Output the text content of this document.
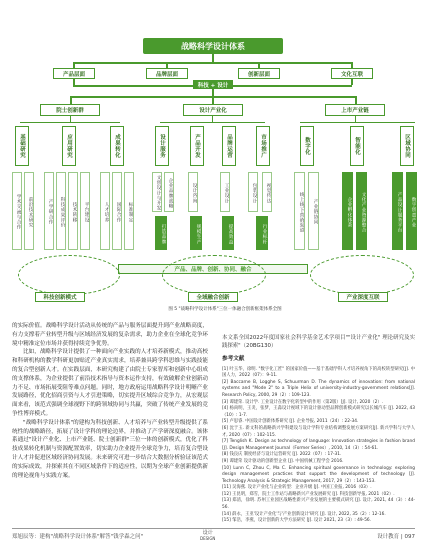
战略科学设计体系
产品层面	品牌层面	创新层面	文化互联
科技 + 设计
院士创新群	设计产业化	上市产业链
基础研究	应用研究	成果转化	设计服务	产品开发	品牌运营	市场推广	数字化	智能化	区域协同
学术交流与合作	前沿技术研究	产学研合作	科技成果评价	技术转移	平台建设	人才培养	国际合作	标准制定
文创设计与开发	企业品牌战略	设计咨询	工业设计	包装设计	视觉传达
打造品牌	规模生产	提高效益	行业标杆
线上线下营销渠道	产业链协同	企业孵化体系	文化产业资源整合	产品设计服务平台	数字创意产业
产品、品牌、创新、协同、融合
科技创新模式	全域融合创新	产业深度互联
图 5 "战略科学设计体系"三位一体融合创新框架体系全图

的实际价值。战略科学设计活动从传统的产品与服务层面提升到产业战略高度，有力支撑着产业转型升级与区域经济发展的复杂需求，助力企业在全球化竞争环境中精准定位市场并获得持续竞争优势。

比如，战略科学设计提供了一种面向产业实践的人才培养新模式，推动高校和科研机构的教学科研更加贴近产业真实需求，培养兼具跨学科思维与实践技能的复合型创新人才。在实践层面，本研究构建了由院士专家智库和创新中心组成的支撑体系，为企业提供了前沿技术指导与资本运作支持，有效破解企业创新动力不足、市场拓展受阻等难点问题。同时，地方政府运用战略科学设计明晰产业发展路径，优化招商引资与人才引进策略，切实提升区域综合竞争力，从宏观层面来看，该范式强调全球视野下的跨领域协同与共赢，突破了传统产业发展的竞争性博弈模式。

"战略科学设计体系"的建构为科技创新、人才培养与产业转型升级提供了系统性的战略路径，拓展了设计学科的理论边界，并推动了产学研深度融合。该体系通过"设计产业化、上市产业链、院士创新群"三位一体的创新模式，优化了科技成果转化机制与资源配置效率，切实助力企业提升全球竞争力，培育复合型设计人才并促进区域经济协同发展。未来研究可进一步结合大数据分析验证该范式的实际成效，并探索其在不同区域条件下的适应性，以期为全球产业创新提供新的理论视角与实践方案。

本文系全国2022年度国家社会科学基金艺术学项目""设计产业化" 理论研究及实践探索"（20BG130）
参考文献
[1] 叶玉华，徐明. "数字化工匠" 的国家价值——基于基础学科人才培养视角下的高校转型研究[J]. 中国人力，2022（07）：9-11.
[2] Baccarne B, Logghe S, Schuurman D. The dynamics of innovation: from national systems and "Mode 2" to a Triple Helix of university-industry-government relations[J]. Research Policy, 2000, 29（2）: 109-123.
[3] 谭建荣. 设计学. 工业设计在数字化转型中的作用（第2版）[J]. 设计, 2020（2）.
[4] 杨尚明，王炎，张梦，王淼设计视域下的设计驱动型品牌创新模式研究以长城汽车 [J]. 2022, 43（10）: 1-7.
[5] 卢思睿. 中国设计创新体系研究 [J]. 企业导报, 2011（24）: 22-34.
[6] 沈于玉. 新文科的战略新兴学科建设与设计学科专业结构调整发展方案研究[J]. 新兴学科与大学人才, 2020（07）: 102-115.
[7] Tenglish K. Design as technology of language: Innovation strategies in fashion brand [J]. Design Management Journal（Former Series）, 2010, 14（3）: 54-61.
[8] 钱良庆 制度经济与设计运营研究 [J]. 2022（07）: 17-31.
[9] 谭建荣 设计驱动的创新型企业 [J]. 中国机械工程学会 2016.
[10] Lunn C, Zhou C, Ma C. Enhancing spiritual governance in technology: exploring design management practices that support the development of technology [J]. Technology Analysis & Strategic Management, 2017, 29（2）: 143-153.
[11] 吴海燕. 设计产业化与企业转型：企业升级 [J]. 中国工业报, 2016（03）.
[12] 王昆明，郑雪，院士工作站与战略新兴产业发展研究 [J]. 科技创新导报, 2021（02）.
[13] 郑清，徐明. 苏州工业园区战略性新兴产业发展的主要模式研究 [J]. 设计, 2021, 44（3）: 44-56.
[14] 薛永，王亚'设计产业化'与'产业创新设计'研究 [J]. 设计, 2022, 35（2）: 12-16.
[15] 邹浩，李燕，设计创新的大学方法研究 [J]. 设计 2021, 23（3）: 49-56.
郑旭辰等：建构"战略科学设计体系"解答"钱学森之问"
设计
DESIGN	设计教育 | 097
